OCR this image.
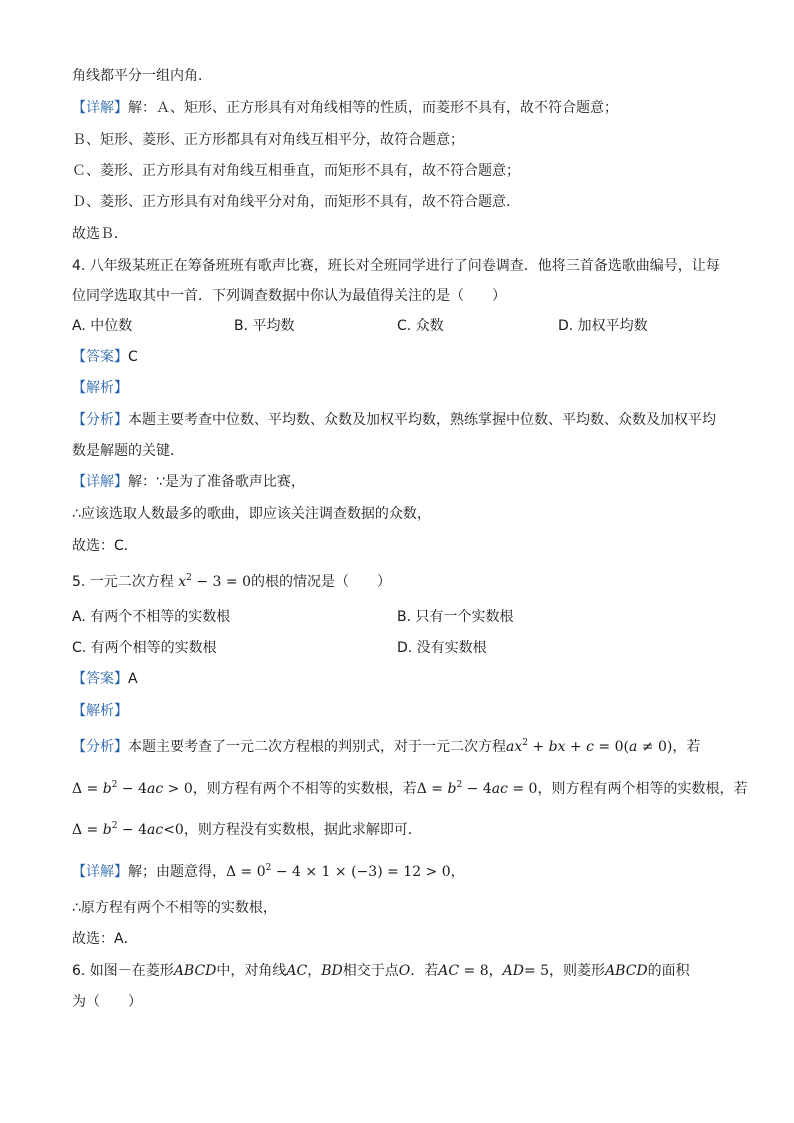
角线都平分一组内角．
【详解】解：Ａ、矩形、正方形具有对角线相等的性质，而菱形不具有，故不符合题意；
Ｂ、矩形、菱形、正方形都具有对角线互相平分，故符合题意；
Ｃ、菱形、正方形具有对角线互相垂直，而矩形不具有，故不符合题意；
Ｄ、菱形、正方形具有对角线平分对角，而矩形不具有，故不符合题意．
故选Ｂ．
4. 八年级某班正在筹备班班有歌声比赛，班长对全班同学进行了问卷调查．他将三首备选歌曲编号，让每
位同学选取其中一首．下列调查数据中你认为最值得关注的是（　　）
A. 中位数	B. 平均数	C. 众数	D. 加权平均数
【答案】C
【解析】
【分析】本题主要考查中位数、平均数、众数及加权平均数，熟练掌握中位数、平均数、众数及加权平均
数是解题的关键．
【详解】解：∵是为了准备歌声比赛，
∴应该选取人数最多的歌曲，即应该关注调查数据的众数，
故选：C．
5. 一元二次方程 $x^2 - 3 = 0$的根的情况是（　　）
A. 有两个不相等的实数根	B. 只有一个实数根
C. 有两个相等的实数根	D. 没有实数根
【答案】A
【解析】
【分析】本题主要考查了一元二次方程根的判别式，对于一元二次方程$ax^2$ + bx + c = 0(a ≠ 0)，若
$\Delta = b^2 - 4ac > 0$，则方程有两个不相等的实数根，若$\Delta = b^2 - 4ac = 0$，则方程有两个相等的实数根，若
$\Delta = b^2 - 4ac<0$，则方程没有实数根，据此求解即可．
【详解】解；由题意得，$\Delta = 0^2 - 4 \times 1 \times (-3) = 12 > 0$，
∴原方程有两个不相等的实数根，
故选：A．
6. 如图－在菱形ABCD中，对角线AC，BD相交于点O．若AC = 8，AD= 5，则菱形ABCD的面积
为（　　）
